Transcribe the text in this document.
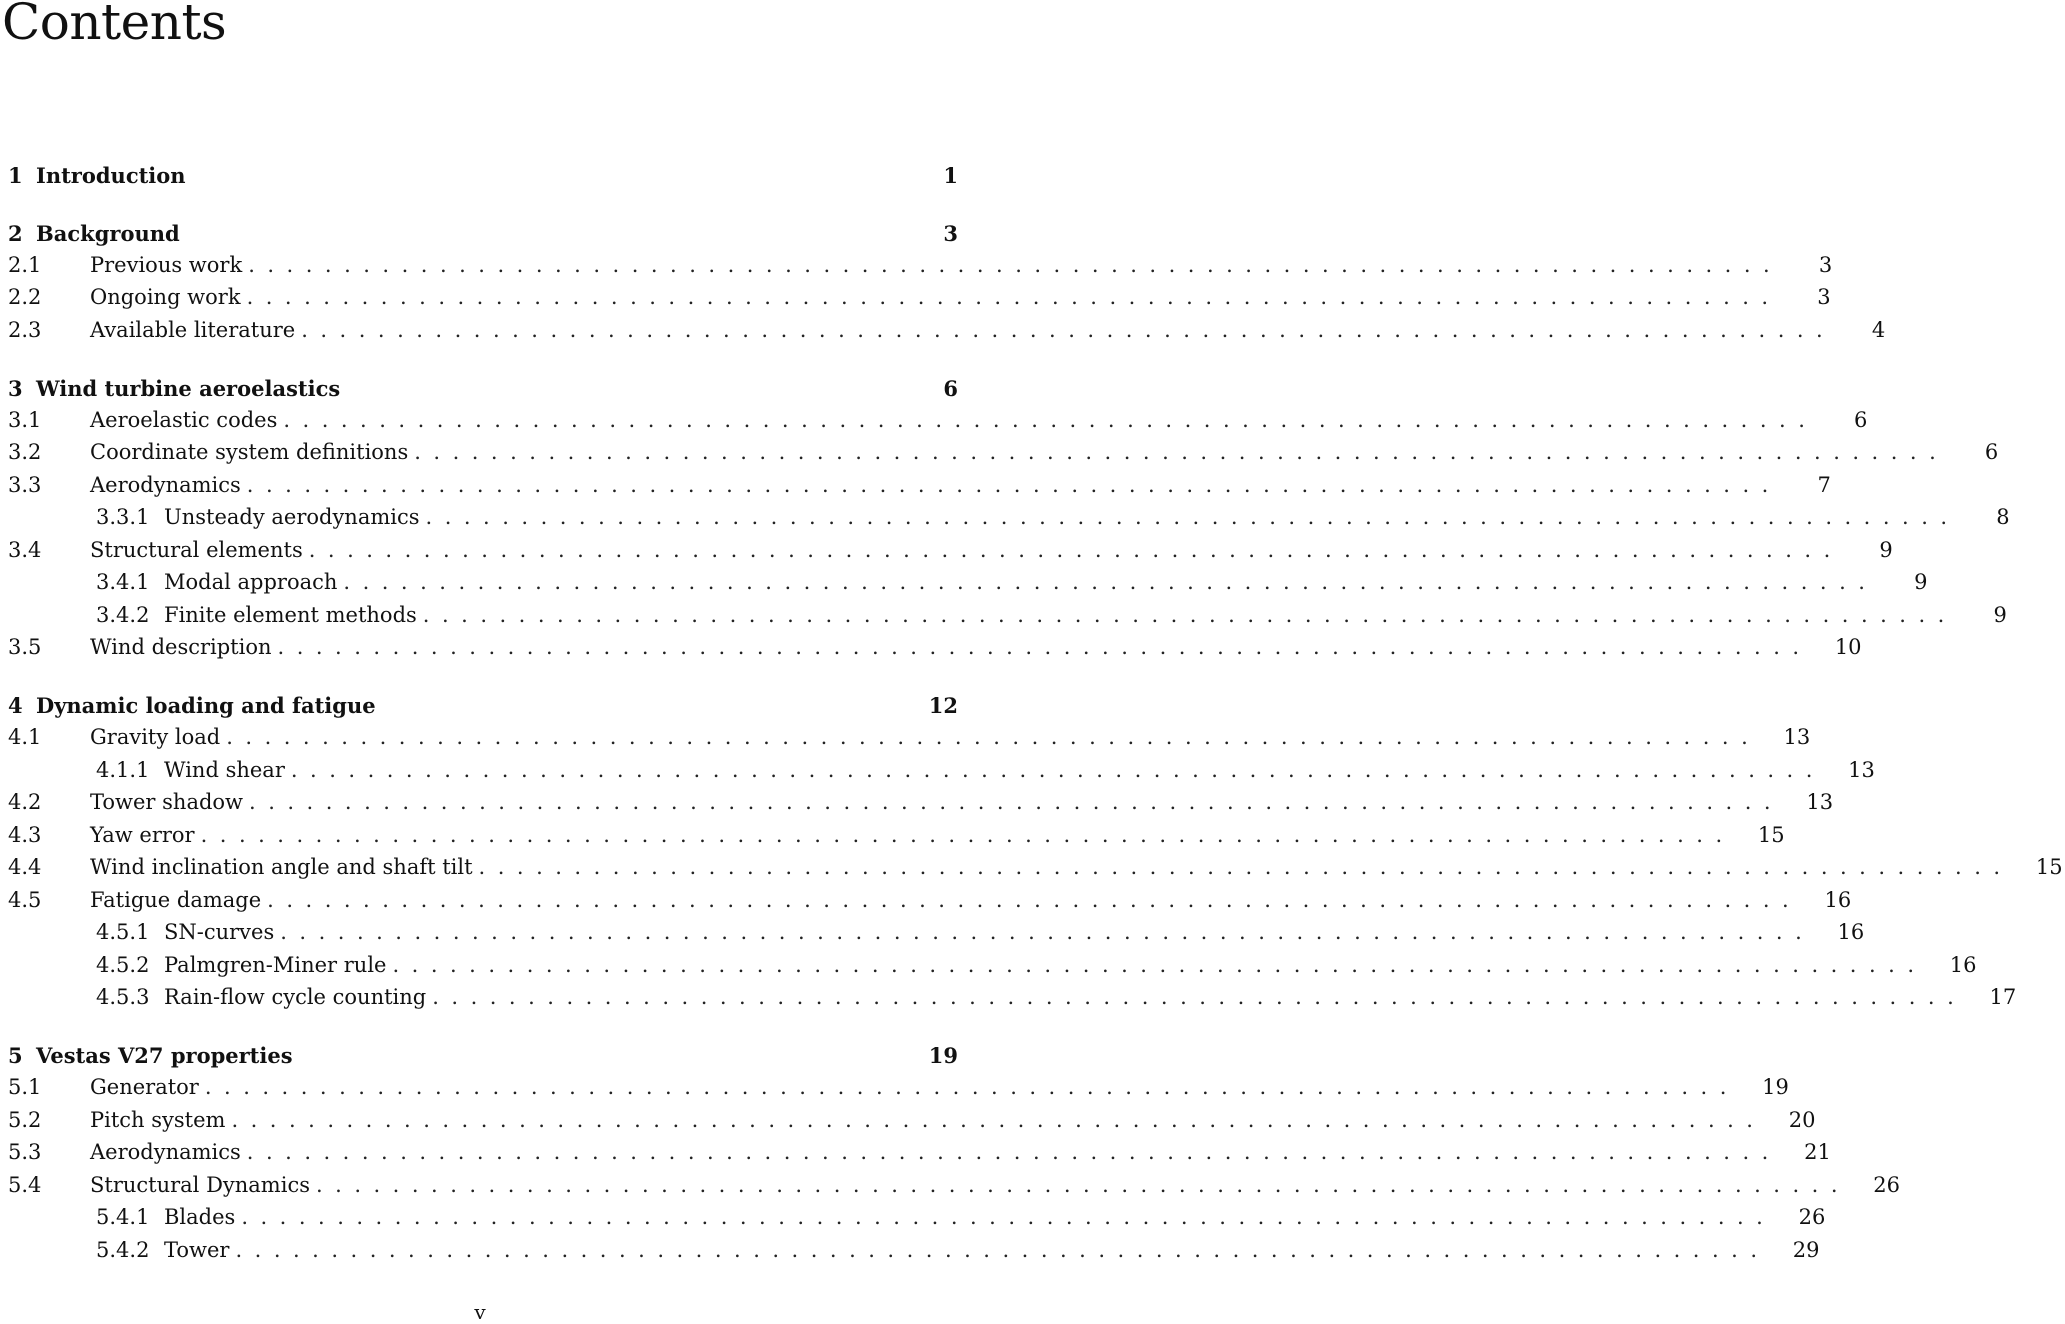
Contents
1 Introduction	1
2 Background	3
2.1	Previous work ................................................................................	3
2.2	Ongoing work ................................................................................	3
2.3	Available literature ................................................................................	4
3 Wind turbine aeroelastics	6
3.1	Aeroelastic codes ................................................................................	6
3.2	Coordinate system definitions ................................................................................	6
3.3	Aerodynamics ................................................................................	7
3.3.1 Unsteady aerodynamics ................................................................................	8
3.4	Structural elements ................................................................................	9
3.4.1 Modal approach ................................................................................	9
3.4.2 Finite element methods ................................................................................	9
3.5	Wind description ................................................................................	10
4 Dynamic loading and fatigue	12
4.1	Gravity load ................................................................................	13
4.1.1 Wind shear ................................................................................	13
4.2	Tower shadow ................................................................................	13
4.3	Yaw error ................................................................................	15
4.4	Wind inclination angle and shaft tilt ................................................................................	15
4.5	Fatigue damage ................................................................................	16
4.5.1 SN-curves ................................................................................	16
4.5.2 Palmgren-Miner rule ................................................................................	16
4.5.3 Rain-flow cycle counting ................................................................................	17
5 Vestas V27 properties	19
5.1	Generator ................................................................................	19
5.2	Pitch system ................................................................................	20
5.3	Aerodynamics ................................................................................	21
5.4	Structural Dynamics ................................................................................	26
5.4.1 Blades ................................................................................	26
5.4.2 Tower ................................................................................	29
v
